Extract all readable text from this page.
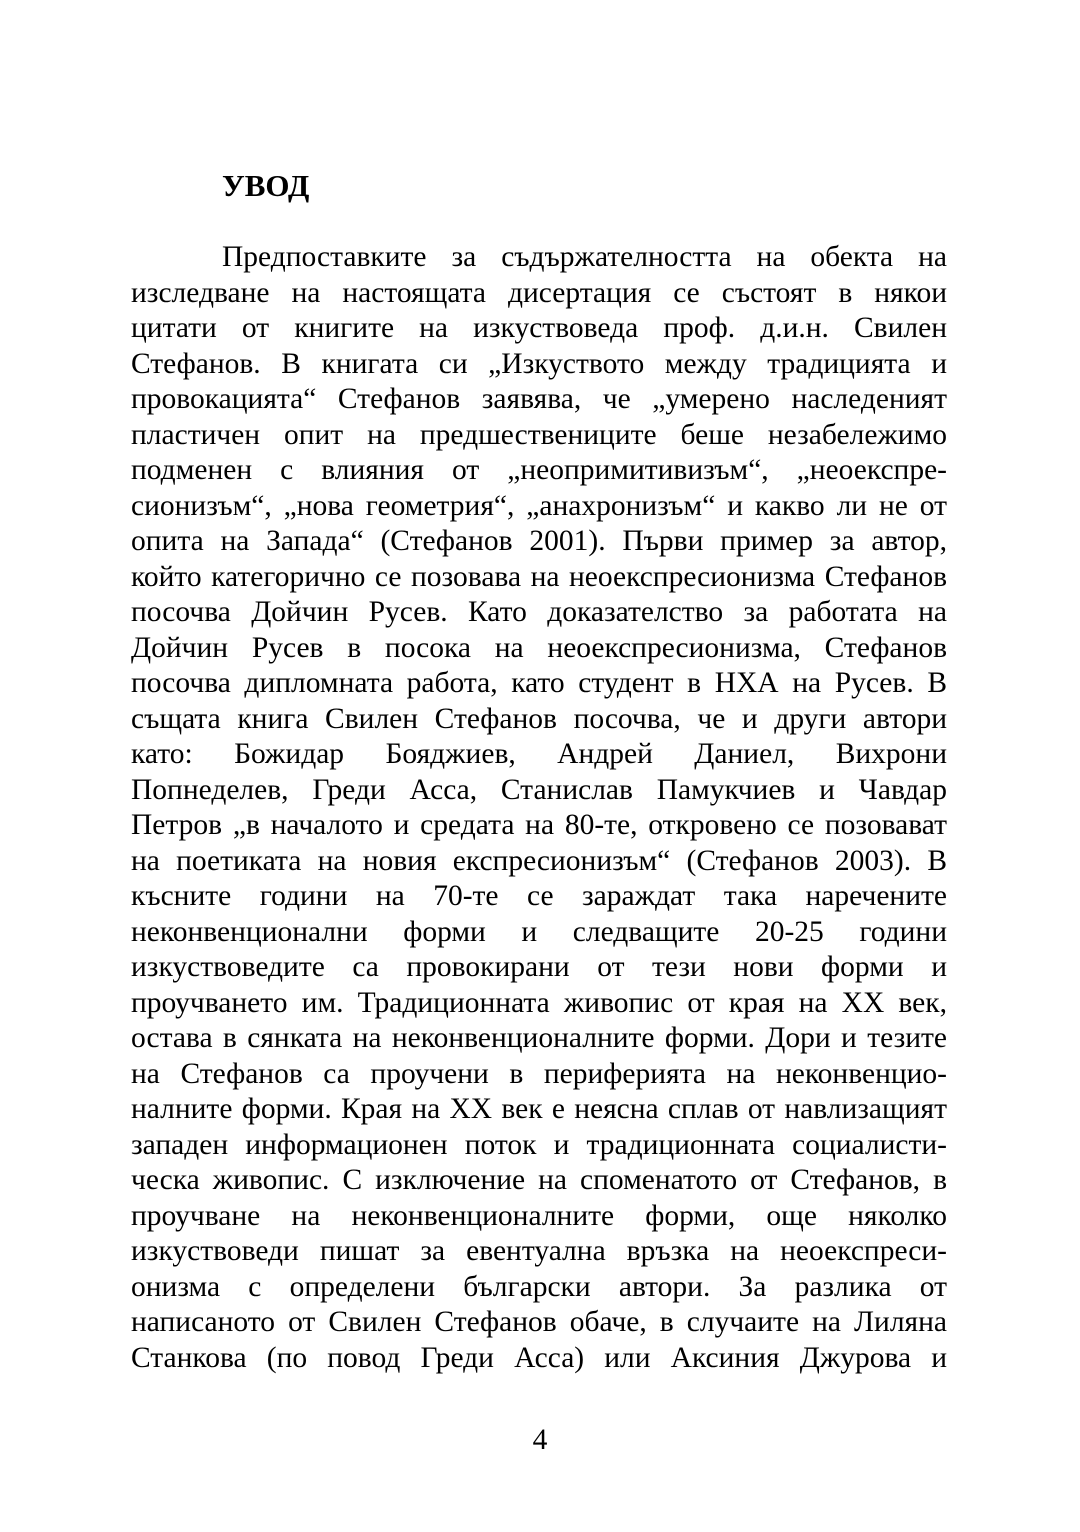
УВОД
Предпоставките за съдържателността на обекта на
изследване на настоящата дисертация се състоят в някои
цитати от книгите на изкуствоведа проф. д.и.н. Свилен
Стефанов. В книгата си „Изкуството между традицията и
провокацията“ Стефанов заявява, че „умерено наследеният
пластичен опит на предшествениците беше незабележимо
подменен с влияния от „неопримитивизъм“, „неоекспре-
сионизъм“, „нова геометрия“, „анахронизъм“ и какво ли не от
опита на Запада“ (Стефанов 2001). Първи пример за автор,
който категорично се позовава на неоекспресионизма Стефанов
посочва Дойчин Русев. Като доказателство за работата на
Дойчин Русев в посока на неоекспресионизма, Стефанов
посочва дипломната работа, като студент в НХА на Русев. В
същата книга Свилен Стефанов посочва, че и други автори
като: Божидар Бояджиев, Андрей Даниел, Вихрони
Попнеделев, Греди Асса, Станислав Памукчиев и Чавдар
Петров „в началото и средата на 80-те, откровено се позовават
на поетиката на новия експресионизъм“ (Стефанов 2003). В
късните години на 70-те се зараждат така наречените
неконвенционални форми и следващите 20-25 години
изкуствоведите са провокирани от тези нови форми и
проучването им. Традиционната живопис от края на XX век,
остава в сянката на неконвенционалните форми. Дори и тезите
на Стефанов са проучени в периферията на неконвенцио-
налните форми. Края на XX век е неясна сплав от навлизащият
западен информационен поток и традиционната социалисти-
ческа живопис. С изключение на споменатото от Стефанов, в
проучване на неконвенционалните форми, още няколко
изкуствоведи пишат за евентуална връзка на неоекспреси-
онизма с определени български автори. За разлика от
написаното от Свилен Стефанов обаче, в случаите на Лиляна
Станкова (по повод Греди Асса) или Аксиния Джурова и
4
